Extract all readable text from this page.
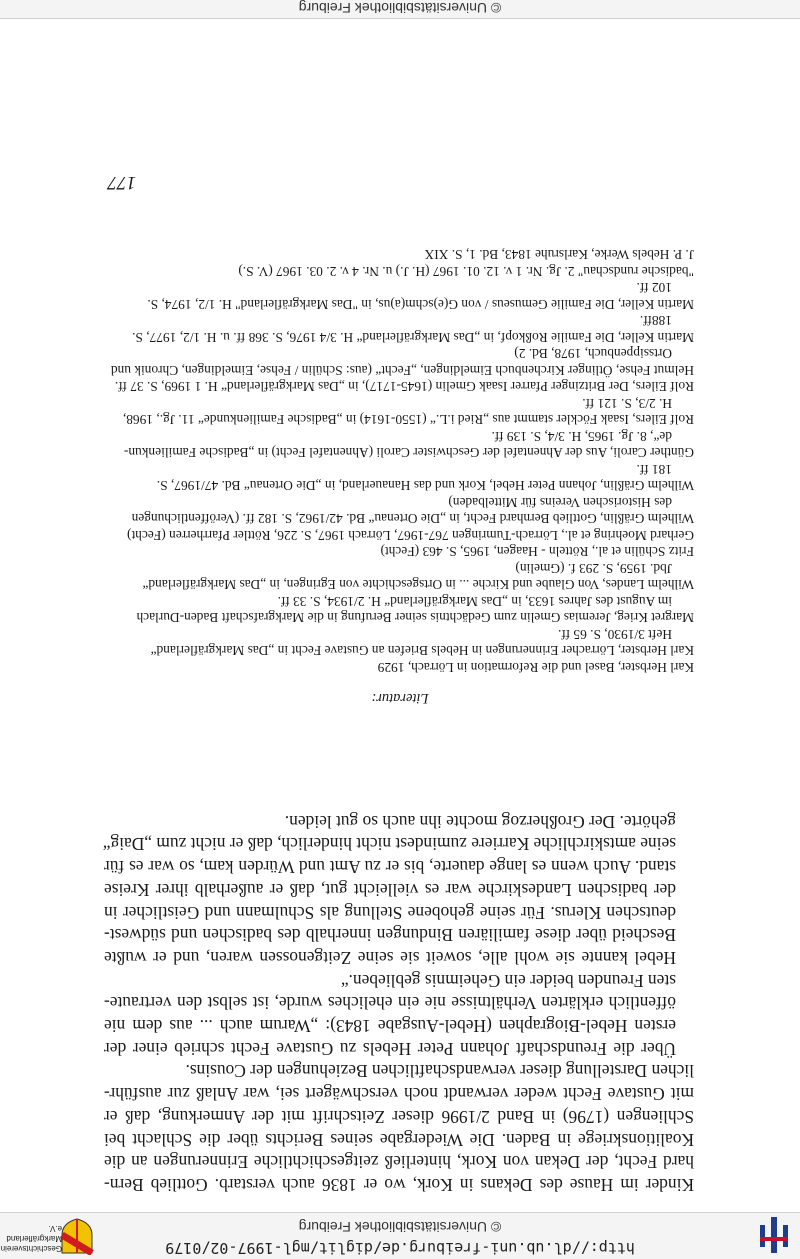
http://dl.ub.uni-freiburg.de/diglit/mgl-1997-02/0179
© Universitätsbibliothek Freiburg
Geschichtsverein
Markgräflerland e.V.

Kinder im Hause des Dekans in Kork, wo er 1836 auch verstarb. Gottlieb Bern-
hard Fecht, der Dekan von Kork, hinterließ zeitgeschichtliche Erinnerungen an die
Koalitionskriege in Baden. Die Wiedergabe seines Berichts über die Schlacht bei
Schliengen (1796) in Band 2/1996 dieser Zeitschrift mit der Anmerkung, daß er
mit Gustave Fecht weder verwandt noch verschwägert sei, war Anlaß zur ausführ-
lichen Darstellung dieser verwandschaftlichen Beziehungen der Cousins.

Über die Freundschaft Johann Peter Hebels zu Gustave Fecht schrieb einer der
ersten Hebel-Biographen (Hebel-Ausgabe 1843): „Warum auch ... aus dem nie
öffentlich erklärten Verhältnisse nie ein eheliches wurde, ist selbst den vertraute-
sten Freunden beider ein Geheimnis geblieben.“

Hebel kannte sie wohl alle, soweit sie seine Zeitgenossen waren, und er wußte
Bescheid über diese familiären Bindungen innerhalb des badischen und südwest-
deutschen Klerus. Für seine gehobene Stellung als Schulmann und Geistlicher in
der badischen Landeskirche war es vielleicht gut, daß er außerhalb ihrer Kreise
stand. Auch wenn es lange dauerte, bis er zu Amt und Würden kam, so war es für
seine amtskirchliche Karriere zumindest nicht hinderlich, daß er nicht zum „Daig“
gehörte. Der Großherzog mochte ihn auch so gut leiden.

Literatur:
Karl Herbster, Basel und die Reformation in Lörrach, 1929
Karl Herbster, Lörracher Erinnerungen in Hebels Briefen an Gustave Fecht in „Das Markgräflerland“
Heft 3/1930, S. 65 ff.
Margret Krieg, Jeremias Gmelin zum Gedächtnis seiner Berufung in die Markgrafschaft Baden-Durlach
im August des Jahres 1633, in „Das Markgräflerland“ H. 2/1934, S. 33 ff.
Wilhelm Landes, Von Glaube und Kirche ... in Ortsgeschichte von Egringen, in „Das Markgräflerland“
Jbd. 1959, S. 293 f. (Gmelin)
Fritz Schülin et al., Rötteln - Haagen, 1965, S. 463 (Fecht)
Gerhard Moehring et al., Lörrach-Tumringen 767-1967, Lörrach 1967, S. 226, Röttler Pfarrherren (Fecht)
Wilhelm Gräßlin, Gottlieb Bernhard Fecht, in „Die Ortenau“ Bd. 42/1962, S. 182 ff. (Veröffentlichungen
des Historischen Vereins für Mittelbaden)
Wilhelm Gräßlin, Johann Peter Hebel, Kork und das Hanauerland, in „Die Ortenau“ Bd. 47/1967, S.
181 ff.
Günther Caroli, Aus der Ahnentafel der Geschwister Caroli (Ahnentafel Fecht) in „Badische Familienkun-
de“, 8. Jg. 1965, H. 3/4, S. 139 ff.
Rolf Eilers, Isaak Föckler stammt aus „Ried i.L.“ (1550-1614) in „Badische Familienkunde“ 11. Jg., 1968,
H. 2/3, S. 121 ff.
Rolf Eilers, Der Britzinger Pfarrer Isaak Gmelin (1645-1717), in „Das Markgräflerland“ H. 1 1969, S. 37 ff.
Helmut Fehse, Ötlinger Kirchenbuch Eimeldingen, „Fecht“ (aus: Schülin / Fehse, Eimeldingen, Chronik und
Ortssippenbuch, 1978, Bd. 2)
Martin Keller, Die Familie Roßkopf, in „Das Markgräflerland“ H. 3/4 1976, S. 368 ff. u. H. 1/2, 1977, S.
188ff.
Martin Keller, Die Familie Gemuseus / von G(e)schm(a)us, in "Das Markgräflerland" H. 1/2, 1974, S.
102 ff.
"badische rundschau" 2. Jg. Nr. 1 v. 12. 01. 1967 (H. J.) u. Nr. 4 v. 2. 03. 1967 (V. S.)
J. P. Hebels Werke, Karlsruhe 1843, Bd. 1, S. XIX
177
© Universitätsbibliothek Freiburg
